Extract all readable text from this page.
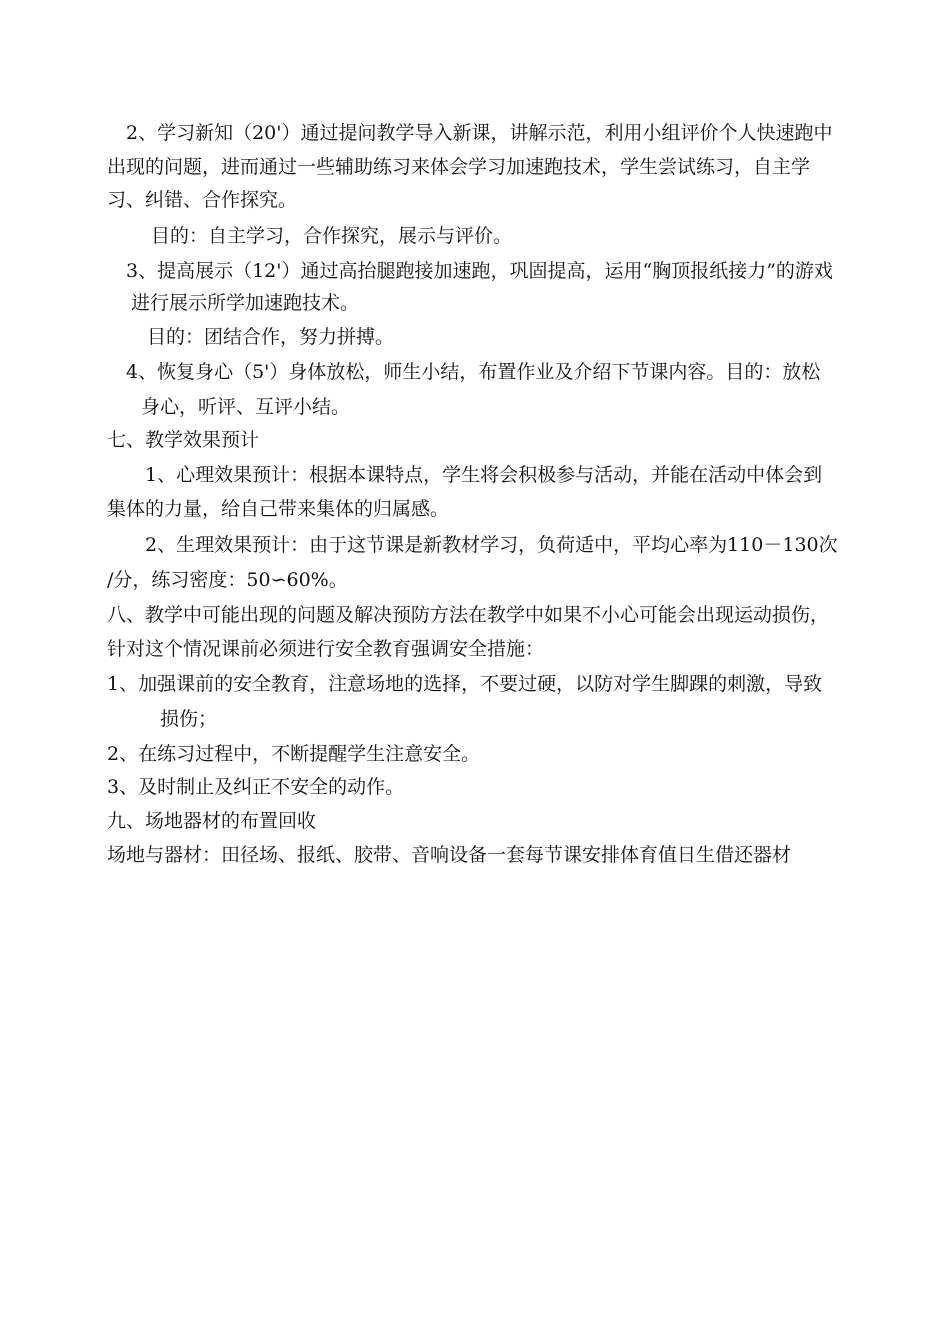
2、学习新知（20'）通过提问教学导入新课，讲解示范，利用小组评价个人快速跑中
出现的问题，进而通过一些辅助练习来体会学习加速跑技术，学生尝试练习，自主学
习、纠错、合作探究。
目的：自主学习，合作探究，展示与评价。
3、提高展示（12'）通过高抬腿跑接加速跑，巩固提高，运用“胸顶报纸接力”的游戏
进行展示所学加速跑技术。
目的：团结合作，努力拼搏。
4、恢复身心（5'）身体放松，师生小结，布置作业及介绍下节课内容。目的：放松
身心，听评、互评小结。
七、教学效果预计
1、心理效果预计：根据本课特点，学生将会积极参与活动，并能在活动中体会到
集体的力量，给自己带来集体的归属感。
2、生理效果预计：由于这节课是新教材学习，负荷适中，平均心率为110－130次
/分，练习密度：50∽60%。
八、教学中可能出现的问题及解决预防方法在教学中如果不小心可能会出现运动损伤，
针对这个情况课前必须进行安全教育强调安全措施：
1、加强课前的安全教育，注意场地的选择，不要过硬，以防对学生脚踝的刺激，导致
损伤；
2、在练习过程中，不断提醒学生注意安全。
3、及时制止及纠正不安全的动作。
九、场地器材的布置回收
场地与器材：田径场、报纸、胶带、音响设备一套每节课安排体育值日生借还器材
